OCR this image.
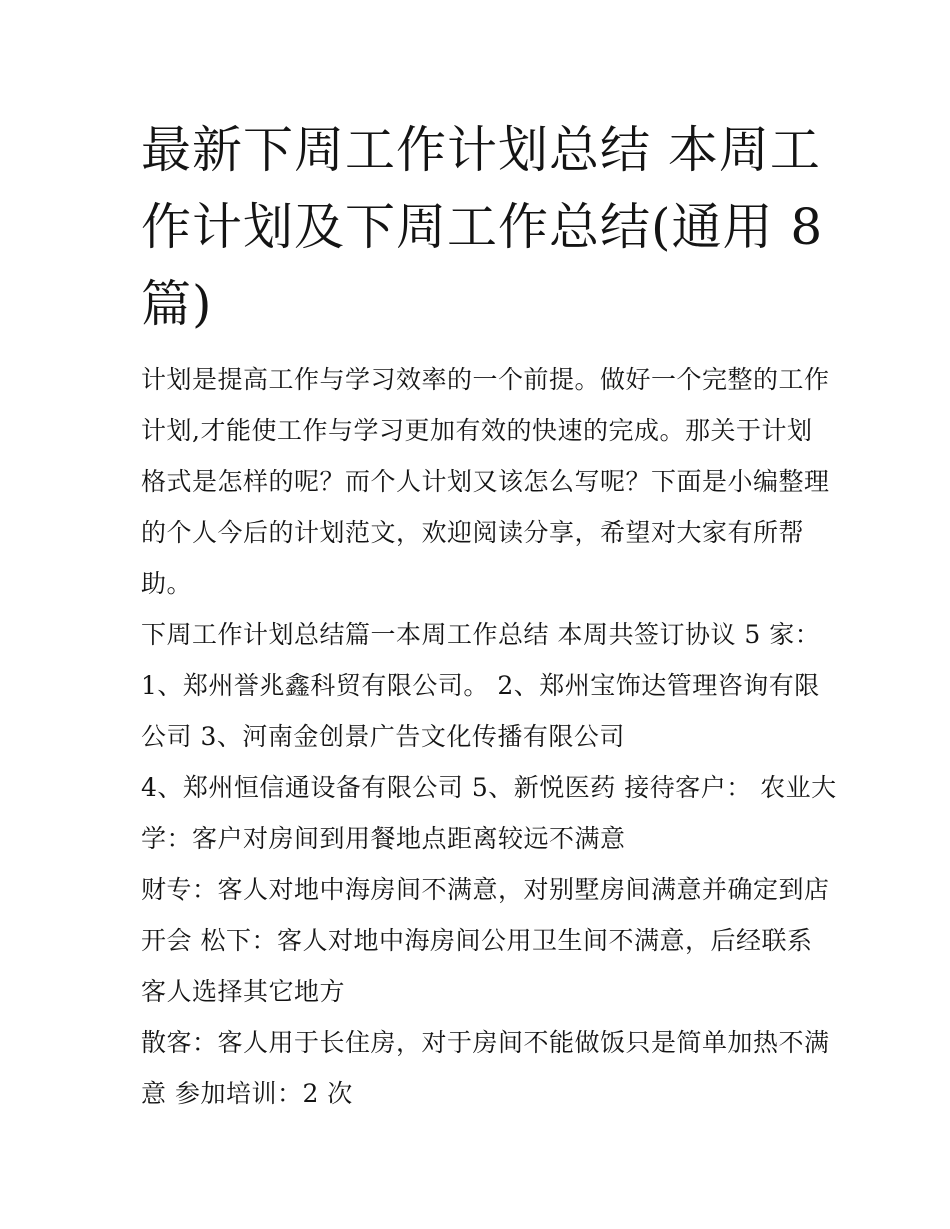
最新下周工作计划总结 本周工
作计划及下周工作总结(通用 8
篇)

计划是提高工作与学习效率的一个前提。做好一个完整的工作
计划,才能使工作与学习更加有效的快速的完成。那关于计划
格式是怎样的呢？而个人计划又该怎么写呢？下面是小编整理
的个人今后的计划范文，欢迎阅读分享，希望对大家有所帮
助。

下周工作计划总结篇一本周工作总结 本周共签订协议 5 家：
1、郑州誉兆鑫科贸有限公司。 2、郑州宝饰达管理咨询有限
公司 3、河南金创景广告文化传播有限公司

4、郑州恒信通设备有限公司 5、新悦医药 接待客户： 农业大
学：客户对房间到用餐地点距离较远不满意

财专：客人对地中海房间不满意，对别墅房间满意并确定到店
开会 松下：客人对地中海房间公用卫生间不满意，后经联系
客人选择其它地方

散客：客人用于长住房，对于房间不能做饭只是简单加热不满
意 参加培训：2 次
